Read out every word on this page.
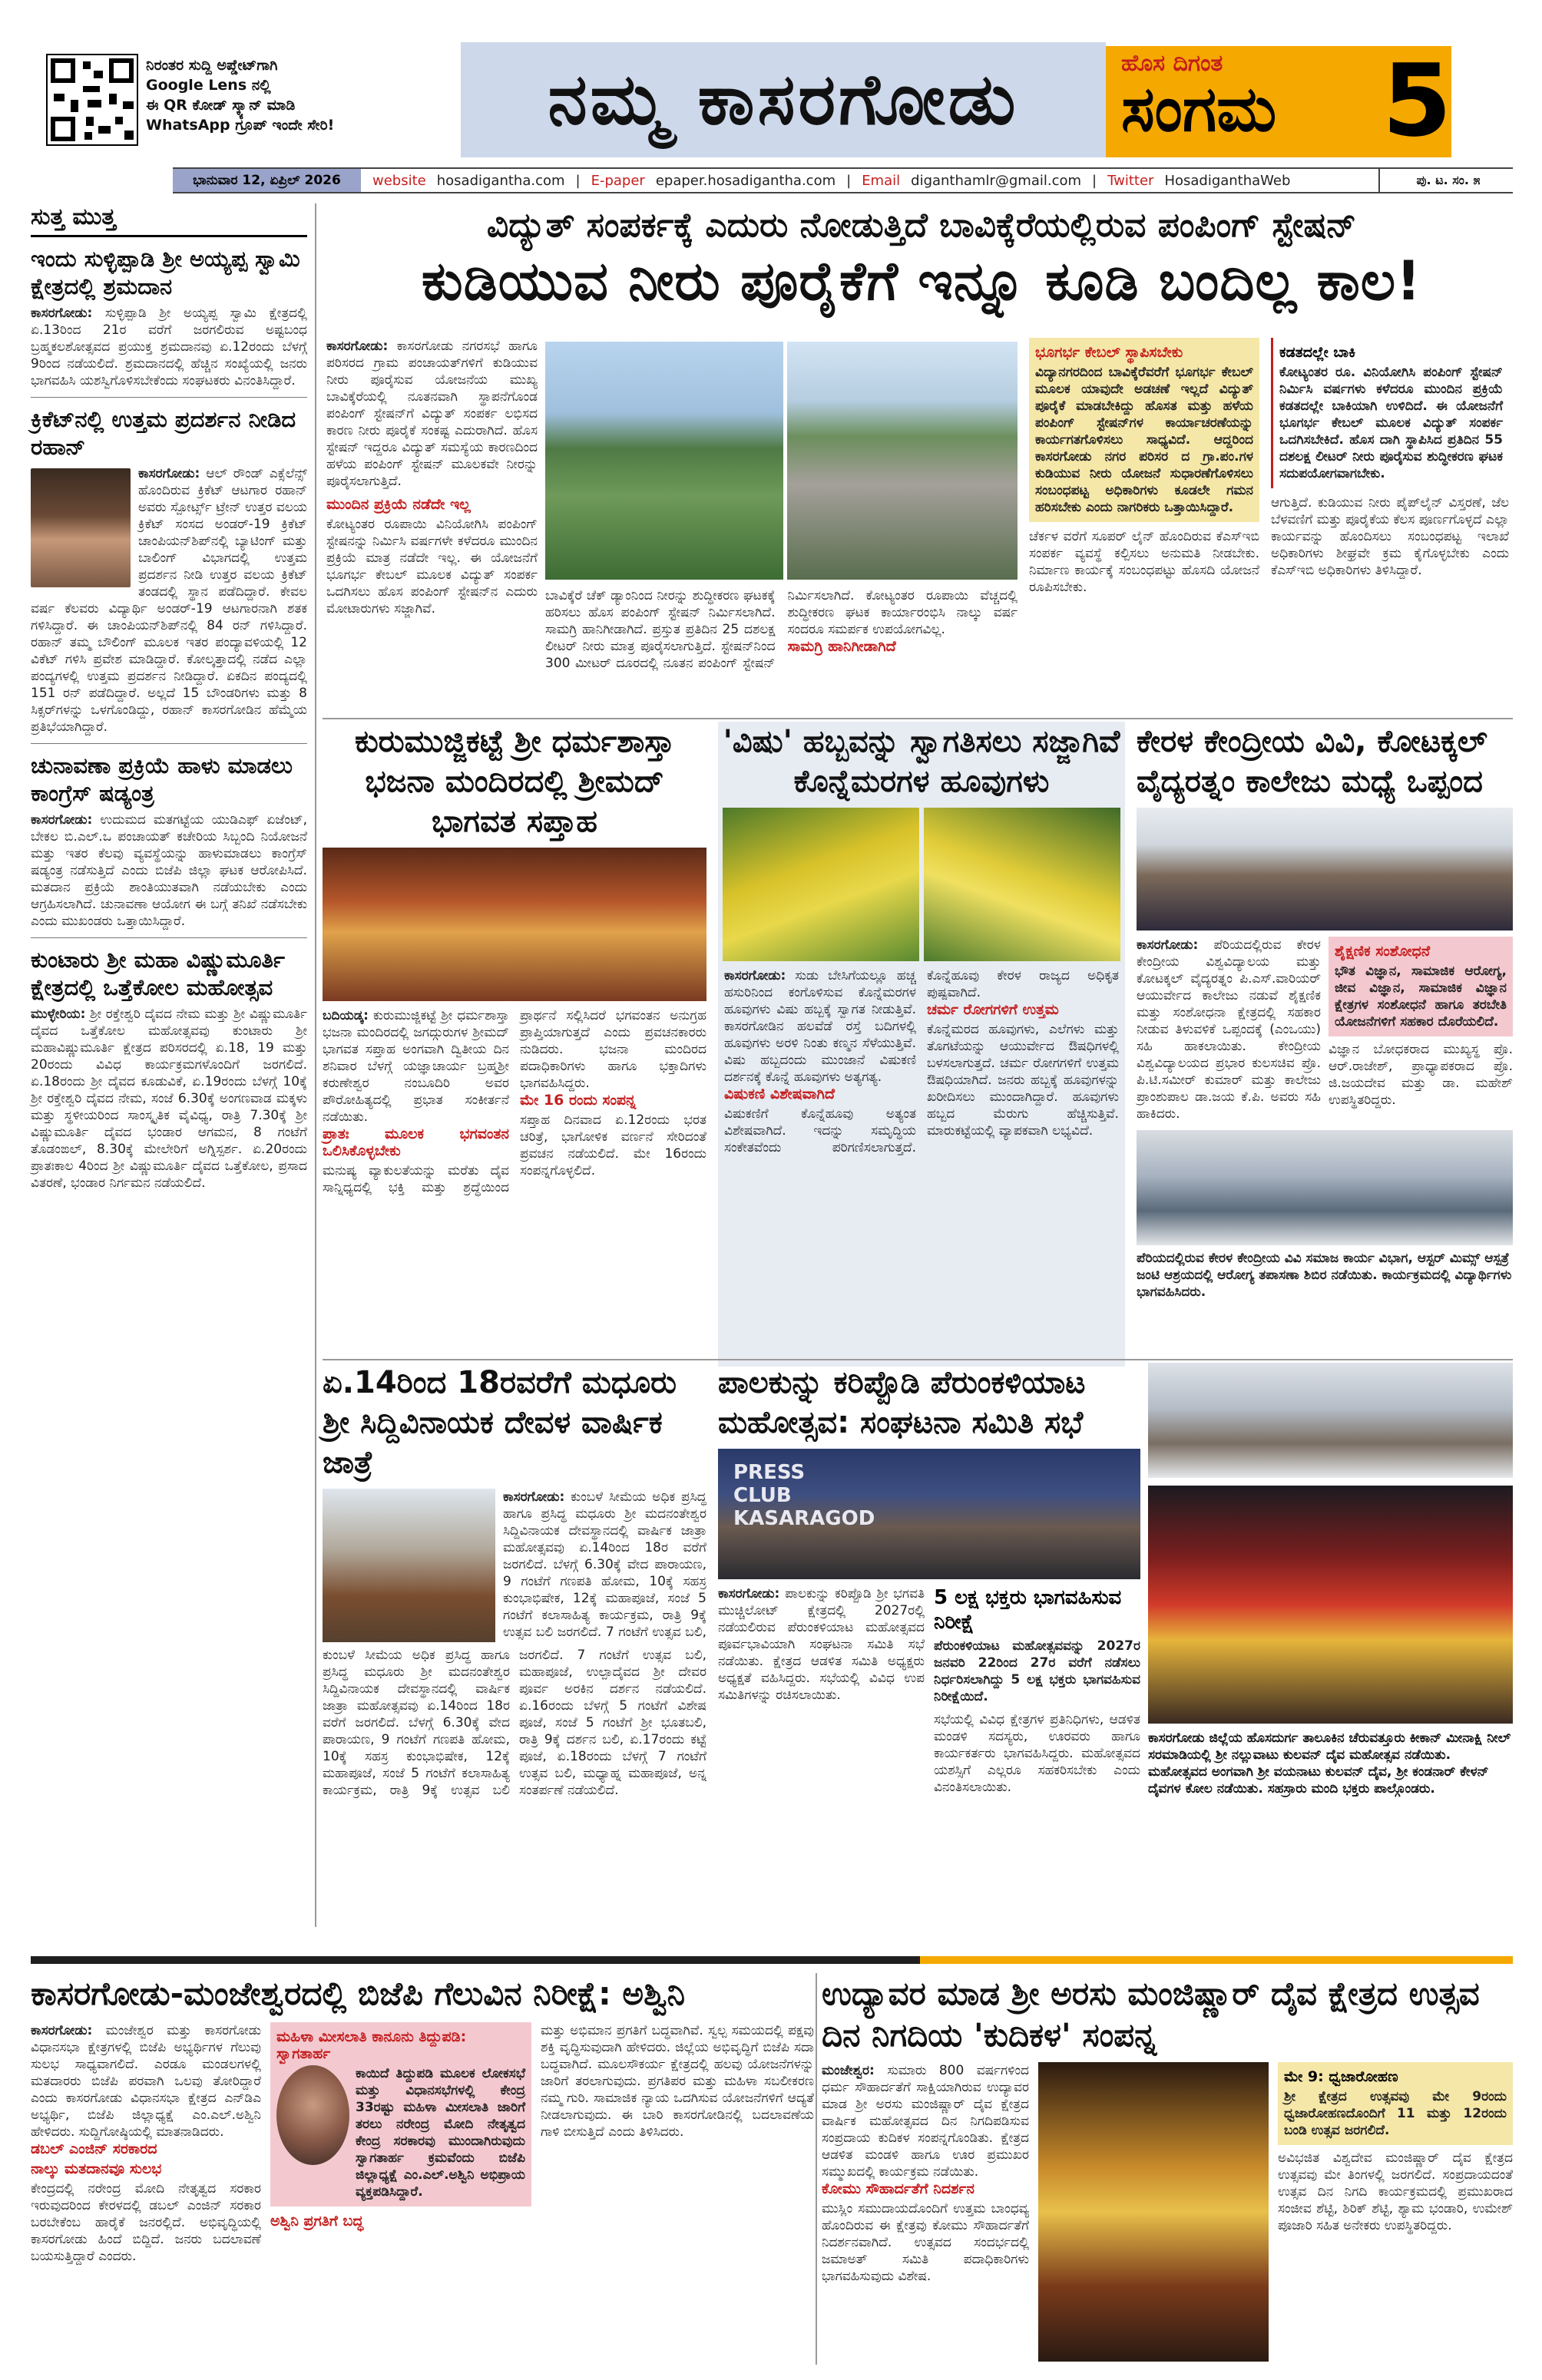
ನಿರಂತರ ಸುದ್ದಿ ಅಪ್ಡೇಟ್‌ಗಾಗಿ
Google Lens ನಲ್ಲಿ
ಈ QR ಕೋಡ್ ಸ್ಕ್ಯಾನ್ ಮಾಡಿ
WhatsApp ಗ್ರೂಪ್ ಇಂದೇ ಸೇರಿ!	ನಮ್ಮ ಕಾಸರಗೋಡು	ಹೊಸ ದಿಗಂತ
ಸಂಗಮ 5
ಭಾನುವಾರ 12, ಏಪ್ರಿಲ್ 2026	website hosadigantha.com | E-paper epaper.hosadigantha.com | Email diganthamlr@gmail.com | Twitter HosadiganthaWeb	ಪು. ಟ. ಸಂ. ೫
ಸುತ್ತ ಮುತ್ತ
ಇಂದು ಸುಳ್ಳಿಪ್ಪಾಡಿ ಶ್ರೀ ಅಯ್ಯಪ್ಪ ಸ್ವಾಮಿ ಕ್ಷೇತ್ರದಲ್ಲಿ ಶ್ರಮದಾನ
ಕಾಸರಗೋಡು: ಸುಳ್ಳಿಪ್ಪಾಡಿ ಶ್ರೀ ಅಯ್ಯಪ್ಪ ಸ್ವಾಮಿ ಕ್ಷೇತ್ರದಲ್ಲಿ ಏ.13ರಿಂದ 21ರ ವರೆಗೆ ಜರಗಲಿರುವ ಅಷ್ಟಬಂಧ ಬ್ರಹ್ಮಕಲಶೋತ್ಸವದ ಪ್ರಯುಕ್ತ ಶ್ರಮದಾನವು ಏ.12ರಂದು ಬೆಳಗ್ಗೆ 9ರಿಂದ ನಡೆಯಲಿದೆ. ಶ್ರಮದಾನದಲ್ಲಿ ಹೆಚ್ಚಿನ ಸಂಖ್ಯೆಯಲ್ಲಿ ಜನರು ಭಾಗವಹಿಸಿ ಯಶಸ್ವಿಗೊಳಿಸಬೇಕೆಂದು ಸಂಘಟಕರು ವಿನಂತಿಸಿದ್ದಾರೆ.
ಕ್ರಿಕೆಟ್‌ನಲ್ಲಿ ಉತ್ತಮ ಪ್ರದರ್ಶನ ನೀಡಿದ ರಹಾನ್
ಕಾಸರಗೋಡು: ಆಲ್ ರೌಂಡ್ ಎಕ್ಸೆಲೆನ್ಸ್ ಹೊಂದಿರುವ ಕ್ರಿಕೆಟ್ ಆಟಗಾರ ರಹಾನ್ ಅವರು ಸ್ಪೋರ್ಟ್ಸ್ ಟ್ರೇನ್ ಉತ್ತರ ವಲಯ ಕ್ರಿಕೆಟ್ ಸಂಸದ ಅಂಡರ್-19 ಕ್ರಿಕೆಟ್ ಚಾಂಪಿಯನ್‌ಶಿಪ್‌ನಲ್ಲಿ ಬ್ಯಾಟಿಂಗ್ ಮತ್ತು ಬಾಲಿಂಗ್ ವಿಭಾಗದಲ್ಲಿ ಉತ್ತಮ ಪ್ರದರ್ಶನ ನೀಡಿ ಉತ್ತರ ವಲಯ ಕ್ರಿಕೆಟ್ ತಂಡದಲ್ಲಿ ಸ್ಥಾನ ಪಡೆದಿದ್ದಾರೆ. ಕೇವಲ ವರ್ಷ ಕೆಲವರು ವಿದ್ಯಾರ್ಥಿ ಅಂಡರ್-19 ಆಟಗಾರನಾಗಿ ಶತಕ ಗಳಿಸಿದ್ದಾರೆ. ಈ ಚಾಂಪಿಯನ್‌ಶಿಪ್‌ನಲ್ಲಿ 84 ರನ್ ಗಳಿಸಿದ್ದಾರೆ. ರಹಾನ್ ತಮ್ಮ ಬೌಲಿಂಗ್ ಮೂಲಕ ಇತರ ಪಂದ್ಯಾವಳಿಯಲ್ಲಿ 12 ವಿಕೆಟ್ ಗಳಿಸಿ ಪ್ರವೇಶ ಮಾಡಿದ್ದಾರೆ. ಕೋಲ್ಕತ್ತಾದಲ್ಲಿ ನಡೆದ ಎಲ್ಲಾ ಪಂದ್ಯಗಳಲ್ಲಿ ಉತ್ತಮ ಪ್ರದರ್ಶನ ನೀಡಿದ್ದಾರೆ. ಏಕದಿನ ಪಂದ್ಯದಲ್ಲಿ 151 ರನ್ ಪಡೆದಿದ್ದಾರೆ. ಅಲ್ಲದೆ 15 ಬೌಂಡರಿಗಳು ಮತ್ತು 8 ಸಿಕ್ಸರ್‌ಗಳನ್ನು ಒಳಗೊಂಡಿದ್ದು, ರಹಾನ್ ಕಾಸರಗೋಡಿನ ಹೆಮ್ಮೆಯ ಪ್ರತಿಭೆಯಾಗಿದ್ದಾರೆ.
ಚುನಾವಣಾ ಪ್ರಕ್ರಿಯೆ ಹಾಳು ಮಾಡಲು ಕಾಂಗ್ರೆಸ್ ಷಡ್ಯಂತ್ರ
ಕಾಸರಗೋಡು: ಉದುಮದ ಮತಗಟ್ಟೆಯ ಯುಡಿಎಫ್ ಏಜೆಂಟ್, ಬೇಕಲ ಬಿ.ಎಲ್.ಒ ಪಂಚಾಯತ್ ಕಚೇರಿಯ ಸಿಬ್ಬಂದಿ ನಿಯೋಜನೆ ಮತ್ತು ಇತರ ಕೆಲವು ವ್ಯವಸ್ಥೆಯನ್ನು ಹಾಳುಮಾಡಲು ಕಾಂಗ್ರೆಸ್ ಷಡ್ಯಂತ್ರ ನಡೆಸುತ್ತಿದೆ ಎಂದು ಬಿಜೆಪಿ ಜಿಲ್ಲಾ ಘಟಕ ಆರೋಪಿಸಿದೆ. ಮತದಾನ ಪ್ರಕ್ರಿಯೆ ಶಾಂತಿಯುತವಾಗಿ ನಡೆಯಬೇಕು ಎಂದು ಆಗ್ರಹಿಸಲಾಗಿದೆ. ಚುನಾವಣಾ ಆಯೋಗ ಈ ಬಗ್ಗೆ ತನಿಖೆ ನಡೆಸಬೇಕು ಎಂದು ಮುಖಂಡರು ಒತ್ತಾಯಿಸಿದ್ದಾರೆ.
ಕುಂಟಾರು ಶ್ರೀ ಮಹಾ ವಿಷ್ಣುಮೂರ್ತಿ ಕ್ಷೇತ್ರದಲ್ಲಿ ಒತ್ತೆಕೋಲ ಮಹೋತ್ಸವ
ಮುಳ್ಳೇರಿಯ: ಶ್ರೀ ರಕ್ತೇಶ್ವರಿ ದೈವದ ನೇಮ ಮತ್ತು ಶ್ರೀ ವಿಷ್ಣುಮೂರ್ತಿ ದೈವದ ಒತ್ತೆಕೋಲ ಮಹೋತ್ಸವವು ಕುಂಟಾರು ಶ್ರೀ ಮಹಾವಿಷ್ಣುಮೂರ್ತಿ ಕ್ಷೇತ್ರದ ಪರಿಸರದಲ್ಲಿ ಏ.18, 19 ಮತ್ತು 20ರಂದು ವಿವಿಧ ಕಾರ್ಯಕ್ರಮಗಳೊಂದಿಗೆ ಜರಗಲಿದೆ. ಏ.18ರಂದು ಶ್ರೀ ದೈವದ ಕೂಡುವಿಕೆ, ಏ.19ರಂದು ಬೆಳಗ್ಗೆ 10ಕ್ಕೆ ಶ್ರೀ ರಕ್ತೇಶ್ವರಿ ದೈವದ ನೇಮ, ಸಂಜೆ 6.30ಕ್ಕೆ ಅಂಗಣವಾಡ ಮಕ್ಕಳು ಮತ್ತು ಸ್ಥಳೀಯರಿಂದ ಸಾಂಸ್ಕೃತಿಕ ವೈವಿಧ್ಯ, ರಾತ್ರಿ 7.30ಕ್ಕೆ ಶ್ರೀ ವಿಷ್ಣುಮೂರ್ತಿ ದೈವದ ಭಂಡಾರ ಆಗಮನ, 8 ಗಂಟೆಗೆ ತೊಡಂಙಲ್, 8.30ಕ್ಕೆ ಮೇಲೇರಿಗೆ ಅಗ್ನಿಸ್ಪರ್ಶ. ಏ.20ರಂದು ಪ್ರಾತಃಕಾಲ 4ರಿಂದ ಶ್ರೀ ವಿಷ್ಣುಮೂರ್ತಿ ದೈವದ ಒತ್ತೆಕೋಲ, ಪ್ರಸಾದ ವಿತರಣೆ, ಭಂಡಾರ ನಿರ್ಗಮನ ನಡೆಯಲಿದೆ.
ವಿದ್ಯುತ್ ಸಂಪರ್ಕಕ್ಕೆ ಎದುರು ನೋಡುತ್ತಿದೆ ಬಾವಿಕ್ಕೆರೆಯಲ್ಲಿರುವ ಪಂಪಿಂಗ್ ಸ್ಟೇಷನ್
ಕುಡಿಯುವ ನೀರು ಪೂರೈಕೆಗೆ ಇನ್ನೂ ಕೂಡಿ ಬಂದಿಲ್ಲ ಕಾಲ!
ಕಾಸರಗೋಡು: ಕಾಸರಗೋಡು ನಗರಸಭೆ ಹಾಗೂ ಪರಿಸರದ ಗ್ರಾಮ ಪಂಚಾಯತ್‌ಗಳಿಗೆ ಕುಡಿಯುವ ನೀರು ಪೂರೈಸುವ ಯೋಜನೆಯ ಮುಖ್ಯ ಬಾವಿಕ್ಕೆರೆಯಲ್ಲಿ ನೂತನವಾಗಿ ಸ್ಥಾಪನೆಗೊಂಡ ಪಂಪಿಂಗ್ ಸ್ಟೇಷನ್‌ಗೆ ವಿದ್ಯುತ್ ಸಂಪರ್ಕ ಲಭಿಸದ ಕಾರಣ ನೀರು ಪೂರೈಕೆ ಸಂಕಷ್ಟ ಎದುರಾಗಿದೆ. ಹೊಸ ಸ್ಟೇಷನ್ ಇದ್ದರೂ ವಿದ್ಯುತ್ ಸಮಸ್ಯೆಯ ಕಾರಣದಿಂದ ಹಳೆಯ ಪಂಪಿಂಗ್ ಸ್ಟೇಷನ್ ಮೂಲಕವೇ ನೀರನ್ನು ಪೂರೈಸಲಾಗುತ್ತಿದೆ.
ಮುಂದಿನ ಪ್ರಕ್ರಿಯೆ ನಡೆದೇ ಇಲ್ಲ
ಕೋಟ್ಯಂತರ ರೂಪಾಯಿ ವಿನಿಯೋಗಿಸಿ ಪಂಪಿಂಗ್ ಸ್ಟೇಷನನ್ನು ನಿರ್ಮಿಸಿ ವರ್ಷಗಳೇ ಕಳೆದರೂ ಮುಂದಿನ ಪ್ರಕ್ರಿಯೆ ಮಾತ್ರ ನಡೆದೇ ಇಲ್ಲ. ಈ ಯೋಜನೆಗೆ ಭೂಗರ್ಭ ಕೇಬಲ್ ಮೂಲಕ ವಿದ್ಯುತ್ ಸಂಪರ್ಕ ಒದಗಿಸಲು ಹೊಸ ಪಂಪಿಂಗ್ ಸ್ಟೇಷನ್‌ನ ಎದುರು ಮೋಟಾರುಗಳು ಸಜ್ಜಾಗಿವೆ.
ಬಾವಿಕ್ಕೆರೆ ಚೆಕ್ ಡ್ಯಾಂನಿಂದ ನೀರನ್ನು ಶುದ್ಧೀಕರಣ ಘಟಕಕ್ಕೆ ಹರಿಸಲು ಹೊಸ ಪಂಪಿಂಗ್ ಸ್ಟೇಷನ್ ನಿರ್ಮಿಸಲಾಗಿದೆ. ಸಾಮಗ್ರಿ ಹಾನಿಗೀಡಾಗಿದೆ. ಪ್ರಸ್ತುತ ಪ್ರತಿದಿನ 25 ದಶಲಕ್ಷ ಲೀಟರ್ ನೀರು ಮಾತ್ರ ಪೂರೈಸಲಾಗುತ್ತಿದೆ. ಸ್ಟೇಷನ್‌ನಿಂದ 300 ಮೀಟರ್ ದೂರದಲ್ಲಿ ನೂತನ ಪಂಪಿಂಗ್ ಸ್ಟೇಷನ್ ನಿರ್ಮಿಸಲಾಗಿದೆ. ಕೋಟ್ಯಂತರ ರೂಪಾಯಿ ವೆಚ್ಚದಲ್ಲಿ ಶುದ್ಧೀಕರಣ ಘಟಕ ಕಾರ್ಯಾರಂಭಿಸಿ ನಾಲ್ಕು ವರ್ಷ ಸಂದರೂ ಸಮರ್ಪಕ ಉಪಯೋಗವಿಲ್ಲ.
ಸಾಮಗ್ರಿ ಹಾನಿಗೀಡಾಗಿದೆ
ಭೂಗರ್ಭ ಕೇಬಲ್ ಸ್ಥಾಪಿಸಬೇಕು
ವಿದ್ಯಾನಗರದಿಂದ ಬಾವಿಕ್ಕೆರೆವರೆಗೆ ಭೂಗರ್ಭ ಕೇಬಲ್ ಮೂಲಕ ಯಾವುದೇ ಅಡಚಣೆ ಇಲ್ಲದೆ ವಿದ್ಯುತ್ ಪೂರೈಕೆ ಮಾಡಬೇಕಿದ್ದು ಹೊಸತ ಮತ್ತು ಹಳೆಯ ಪಂಪಿಂಗ್ ಸ್ಟೇಷನ್‌ಗಳ ಕಾರ್ಯಾಚರಣೆಯನ್ನು ಕಾರ್ಯಗತಗೊಳಿಸಲು ಸಾಧ್ಯವಿದೆ. ಆದ್ದರಿಂದ ಕಾಸರಗೋಡು ನಗರ ಪರಿಸರ ದ ಗ್ರಾ.ಪಂ.ಗಳ ಕುಡಿಯುವ ನೀರು ಯೋಜನೆ ಸುಧಾರಣೆಗೊಳಿಸಲು ಸಂಬಂಧಪಟ್ಟ ಅಧಿಕಾರಿಗಳು ಕೂಡಲೇ ಗಮನ ಹರಿಸಬೇಕು ಎಂದು ನಾಗರಿಕರು ಒತ್ತಾಯಿಸಿದ್ದಾರೆ.
ಚೆರ್ಕಳ ವರೆಗೆ ಸೂಪರ್ ಲೈನ್ ಹೊಂದಿರುವ ಕೆಎಸ್‌ಇಬಿ ಸಂಪರ್ಕ ವ್ಯವಸ್ಥೆ ಕಲ್ಪಿಸಲು ಅನುಮತಿ ನೀಡಬೇಕು. ನಿರ್ಮಾಣ ಕಾರ್ಯಕ್ಕೆ ಸಂಬಂಧಪಟ್ಟು ಹೊಸದಿ ಯೋಜನೆ ರೂಪಿಸಬೇಕು.
ಕಡತದಲ್ಲೇ ಬಾಕಿ
ಕೋಟ್ಯಂತರ ರೂ. ವಿನಿಯೋಗಿಸಿ ಪಂಪಿಂಗ್ ಸ್ಟೇಷನ್ ನಿರ್ಮಿಸಿ ವರ್ಷಗಳು ಕಳೆದರೂ ಮುಂದಿನ ಪ್ರಕ್ರಿಯೆ ಕಡತದಲ್ಲೇ ಬಾಕಿಯಾಗಿ ಉಳಿದಿದೆ. ಈ ಯೋಜನೆಗೆ ಭೂಗರ್ಭ ಕೇಬಲ್ ಮೂಲಕ ವಿದ್ಯುತ್ ಸಂಪರ್ಕ ಒದಗಿಸಬೇಕಿದೆ. ಹೊಸ ದಾಗಿ ಸ್ಥಾಪಿಸಿದ ಪ್ರತಿದಿನ 55 ದಶಲಕ್ಷ ಲೀಟರ್ ನೀರು ಪೂರೈಸುವ ಶುದ್ಧೀಕರಣ ಘಟಕ ಸದುಪಯೋಗವಾಗಬೇಕು.
ಆಗುತ್ತಿದೆ. ಕುಡಿಯುವ ನೀರು ಪೈಪ್‌ಲೈನ್ ವಿಸ್ತರಣೆ, ಜೆಲ ಬೆಳವಣಿಗೆ ಮತ್ತು ಪೂರೈಕೆಯ ಕೆಲಸ ಪೂರ್ಣಗೊಳ್ಳದೆ ಎಲ್ಲಾ ಕಾರ್ಯವನ್ನು ಹೊಂದಿಸಲು ಸಂಬಂಧಪಟ್ಟ ಇಲಾಖೆ ಅಧಿಕಾರಿಗಳು ಶೀಘ್ರವೇ ಕ್ರಮ ಕೈಗೊಳ್ಳಬೇಕು ಎಂದು ಕೆಎಸ್‌ಇಬಿ ಅಧಿಕಾರಿಗಳು ತಿಳಿಸಿದ್ದಾರೆ.
ಕುರುಮುಜ್ಜಿಕಟ್ಟೆ ಶ್ರೀ ಧರ್ಮಶಾಸ್ತಾ ಭಜನಾ ಮಂದಿರದಲ್ಲಿ ಶ್ರೀಮದ್ ಭಾಗವತ ಸಪ್ತಾಹ
ಬದಿಯಡ್ಕ: ಕುರುಮುಜ್ಜಿಕಟ್ಟೆ ಶ್ರೀ ಧರ್ಮಶಾಸ್ತಾ ಭಜನಾ ಮಂದಿರದಲ್ಲಿ ಜಗದ್ಗುರುಗಳ ಶ್ರೀಮದ್ ಭಾಗವತ ಸಪ್ತಾಹ ಅಂಗವಾಗಿ ದ್ವಿತೀಯ ದಿನ ಶನಿವಾರ ಬೆಳಗ್ಗೆ ಯಜ್ಞಾಚಾರ್ಯ ಬ್ರಹ್ಮಶ್ರೀ ಕರುಣೇಶ್ವರ ನಂಬೂದಿರಿ ಅವರ ಪೌರೋಹಿತ್ಯದಲ್ಲಿ ಪ್ರಭಾತ ಸಂಕೀರ್ತನೆ ನಡೆಯಿತು.
ಪ್ರಾತಃ ಮೂಲಕ ಭಗವಂತನ ಒಲಿಸಿಕೊಳ್ಳಬೇಕು
ಮನುಷ್ಯ ವ್ಯಾಕುಲತೆಯನ್ನು ಮರೆತು ದೈವ ಸಾನ್ನಿಧ್ಯದಲ್ಲಿ ಭಕ್ತಿ ಮತ್ತು ಶ್ರದ್ಧೆಯಿಂದ ಪ್ರಾರ್ಥನೆ ಸಲ್ಲಿಸಿದರೆ ಭಗವಂತನ ಅನುಗ್ರಹ ಪ್ರಾಪ್ತಿಯಾಗುತ್ತದೆ ಎಂದು ಪ್ರವಚನಕಾರರು ನುಡಿದರು. ಭಜನಾ ಮಂದಿರದ ಪದಾಧಿಕಾರಿಗಳು ಹಾಗೂ ಭಕ್ತಾದಿಗಳು ಭಾಗವಹಿಸಿದ್ದರು.
ಮೇ 16 ರಂದು ಸಂಪನ್ನ
ಸಪ್ತಾಹ ದಿನವಾದ ಏ.12ರಂದು ಭರತ ಚರಿತ್ರೆ, ಭಾಗೋಳಿಕ ವರ್ಣನೆ ಸೇರಿದಂತೆ ಪ್ರವಚನ ನಡೆಯಲಿದೆ. ಮೇ 16ರಂದು ಸಂಪನ್ನಗೊಳ್ಳಲಿದೆ.
'ವಿಷು' ಹಬ್ಬವನ್ನು ಸ್ವಾಗತಿಸಲು ಸಜ್ಜಾಗಿವೆ ಕೊನ್ನೆಮರಗಳ ಹೂವುಗಳು
ಕಾಸರಗೋಡು: ಸುಡು ಬೇಸಿಗೆಯಲ್ಲೂ ಹಚ್ಚ ಹಸುರಿನಿಂದ ಕಂಗೊಳಿಸುವ ಕೊನ್ನೆಮರಗಳ ಹೂವುಗಳು ವಿಷು ಹಬ್ಬಕ್ಕೆ ಸ್ವಾಗತ ನೀಡುತ್ತಿವೆ. ಕಾಸರಗೋಡಿನ ಹಲವೆಡೆ ರಸ್ತೆ ಬದಿಗಳಲ್ಲಿ ಹೂವುಗಳು ಅರಳಿ ನಿಂತು ಕಣ್ಮನ ಸೆಳೆಯುತ್ತಿವೆ. ವಿಷು ಹಬ್ಬದಂದು ಮುಂಜಾನೆ ವಿಷುಕಣಿ ದರ್ಶನಕ್ಕೆ ಕೊನ್ನೆ ಹೂವುಗಳು ಅತ್ಯಗತ್ಯ.
ವಿಷುಕಣಿ ವಿಶೇಷವಾಗಿದೆ
ವಿಷುಕಣಿಗೆ ಕೊನ್ನೆಹೂವು ಅತ್ಯಂತ ವಿಶೇಷವಾಗಿದೆ. ಇದನ್ನು ಸಮೃದ್ಧಿಯ ಸಂಕೇತವೆಂದು ಪರಿಗಣಿಸಲಾಗುತ್ತದೆ. ಕೊನ್ನೆಹೂವು ಕೇರಳ ರಾಜ್ಯದ ಅಧಿಕೃತ ಪುಷ್ಪವಾಗಿದೆ.
ಚರ್ಮ ರೋಗಗಳಿಗೆ ಉತ್ತಮ
ಕೊನ್ನೆಮರದ ಹೂವುಗಳು, ಎಲೆಗಳು ಮತ್ತು ತೊಗಟೆಯನ್ನು ಆಯುರ್ವೇದ ಔಷಧಿಗಳಲ್ಲಿ ಬಳಸಲಾಗುತ್ತದೆ. ಚರ್ಮ ರೋಗಗಳಿಗೆ ಉತ್ತಮ ಔಷಧಿಯಾಗಿದೆ. ಜನರು ಹಬ್ಬಕ್ಕೆ ಹೂವುಗಳನ್ನು ಖರೀದಿಸಲು ಮುಂದಾಗಿದ್ದಾರೆ. ಹೂವುಗಳು ಹಬ್ಬದ ಮೆರುಗು ಹೆಚ್ಚಿಸುತ್ತಿವೆ. ಮಾರುಕಟ್ಟೆಯಲ್ಲಿ ವ್ಯಾಪಕವಾಗಿ ಲಭ್ಯವಿದೆ.
ಕೇರಳ ಕೇಂದ್ರೀಯ ವಿವಿ, ಕೋಟಕ್ಕಲ್ ವೈದ್ಯರತ್ನಂ ಕಾಲೇಜು ಮಧ್ಯೆ ಒಪ್ಪಂದ
ಕಾಸರಗೋಡು: ಪೆರಿಯದಲ್ಲಿರುವ ಕೇರಳ ಕೇಂದ್ರೀಯ ವಿಶ್ವವಿದ್ಯಾಲಯ ಮತ್ತು ಕೋಟಕ್ಕಲ್ ವೈದ್ಯರತ್ನಂ ಪಿ.ಎಸ್.ವಾರಿಯರ್ ಆಯುರ್ವೇದ ಕಾಲೇಜು ನಡುವೆ ಶೈಕ್ಷಣಿಕ ಮತ್ತು ಸಂಶೋಧನಾ ಕ್ಷೇತ್ರದಲ್ಲಿ ಸಹಕಾರ ನೀಡುವ ತಿಳುವಳಿಕೆ ಒಪ್ಪಂದಕ್ಕೆ (ಎಂಒಯು) ಸಹಿ ಹಾಕಲಾಯಿತು. ಕೇಂದ್ರೀಯ ವಿಶ್ವವಿದ್ಯಾಲಯದ ಪ್ರಭಾರ ಕುಲಸಚಿವ ಪ್ರೊ. ಪಿ.ಟಿ.ಸಮೀರ್ ಕುಮಾರ್ ಮತ್ತು ಕಾಲೇಜು ಪ್ರಾಂಶುಪಾಲ ಡಾ.ಜಯ ಕೆ.ಪಿ. ಅವರು ಸಹಿ ಹಾಕಿದರು.
ಶೈಕ್ಷಣಿಕ ಸಂಶೋಧನೆ
ಭೌತ ವಿಜ್ಞಾನ, ಸಾಮಾಜಿಕ ಆರೋಗ್ಯ, ಜೀವ ವಿಜ್ಞಾನ, ಸಾಮಾಜಿಕ ವಿಜ್ಞಾನ ಕ್ಷೇತ್ರಗಳ ಸಂಶೋಧನೆ ಹಾಗೂ ತರಬೇತಿ ಯೋಜನೆಗಳಿಗೆ ಸಹಕಾರ ದೊರೆಯಲಿದೆ.
ವಿಜ್ಞಾನ ಬೋಧಕರಾದ ಮುಖ್ಯಸ್ಥ ಪ್ರೊ. ಆರ್.ರಾಜೇಶ್, ಪ್ರಾಧ್ಯಾಪಕರಾದ ಪ್ರೊ. ಜಿ.ಜಯದೇವ ಮತ್ತು ಡಾ. ಮಹೇಶ್ ಉಪಸ್ಥಿತರಿದ್ದರು.
ಪೆರಿಯದಲ್ಲಿರುವ ಕೇರಳ ಕೇಂದ್ರೀಯ ವಿವಿ ಸಮಾಜ ಕಾರ್ಯ ವಿಭಾಗ, ಆಸ್ಟರ್ ಮಿಮ್ಸ್ ಆಸ್ಪತ್ರೆ ಜಂಟಿ ಆಶ್ರಯದಲ್ಲಿ ಆರೋಗ್ಯ ತಪಾಸಣಾ ಶಿಬಿರ ನಡೆಯಿತು. ಕಾರ್ಯಕ್ರಮದಲ್ಲಿ ವಿದ್ಯಾರ್ಥಿಗಳು ಭಾಗವಹಿಸಿದರು.
ಏ.14ರಿಂದ 18ರವರೆಗೆ ಮಧೂರು ಶ್ರೀ ಸಿದ್ದಿವಿನಾಯಕ ದೇವಳ ವಾರ್ಷಿಕ ಜಾತ್ರೆ
ಕಾಸರಗೋಡು: ಕುಂಬಳೆ ಸೀಮೆಯ ಅಧಿಕ ಪ್ರಸಿದ್ಧ ಹಾಗೂ ಪ್ರಸಿದ್ಧ ಮಧೂರು ಶ್ರೀ ಮದನಂತೇಶ್ವರ ಸಿದ್ದಿವಿನಾಯಕ ದೇವಸ್ಥಾನದಲ್ಲಿ ವಾರ್ಷಿಕ ಜಾತ್ರಾ ಮಹೋತ್ಸವವು ಏ.14ರಿಂದ 18ರ ವರೆಗೆ ಜರಗಲಿದೆ. ಬೆಳಗ್ಗೆ 6.30ಕ್ಕೆ ವೇದ ಪಾರಾಯಣ, 9 ಗಂಟೆಗೆ ಗಣಪತಿ ಹೋಮ, 10ಕ್ಕೆ ಸಹಸ್ರ ಕುಂಭಾಭಿಷೇಕ, 12ಕ್ಕೆ ಮಹಾಪೂಜೆ, ಸಂಜೆ 5 ಗಂಟೆಗೆ ಕಲಾಸಾಹಿತ್ಯ ಕಾರ್ಯಕ್ರಮ, ರಾತ್ರಿ 9ಕ್ಕೆ ಉತ್ಸವ ಬಲಿ ಜರಗಲಿದೆ. 7 ಗಂಟೆಗೆ ಉತ್ಸವ ಬಲಿ,
ಕುಂಬಳೆ ಸೀಮೆಯ ಅಧಿಕ ಪ್ರಸಿದ್ಧ ಹಾಗೂ ಪ್ರಸಿದ್ಧ ಮಧೂರು ಶ್ರೀ ಮದನಂತೇಶ್ವರ ಸಿದ್ದಿವಿನಾಯಕ ದೇವಸ್ಥಾನದಲ್ಲಿ ವಾರ್ಷಿಕ ಜಾತ್ರಾ ಮಹೋತ್ಸವವು ಏ.14ರಿಂದ 18ರ ವರೆಗೆ ಜರಗಲಿದೆ. ಬೆಳಗ್ಗೆ 6.30ಕ್ಕೆ ವೇದ ಪಾರಾಯಣ, 9 ಗಂಟೆಗೆ ಗಣಪತಿ ಹೋಮ, 10ಕ್ಕೆ ಸಹಸ್ರ ಕುಂಭಾಭಿಷೇಕ, 12ಕ್ಕೆ ಮಹಾಪೂಜೆ, ಸಂಜೆ 5 ಗಂಟೆಗೆ ಕಲಾಸಾಹಿತ್ಯ ಕಾರ್ಯಕ್ರಮ, ರಾತ್ರಿ 9ಕ್ಕೆ ಉತ್ಸವ ಬಲಿ ಜರಗಲಿದೆ. 7 ಗಂಟೆಗೆ ಉತ್ಸವ ಬಲಿ, ಮಹಾಪೂಜೆ, ಉಲ್ಪಾದೈವದ ಶ್ರೀ ದೇವರ ಪೂರ್ವ ಅರಕಿನ ದರ್ಶನ ನಡೆಯಲಿದೆ. ಏ.16ರಂದು ಬೆಳಗ್ಗೆ 5 ಗಂಟೆಗೆ ವಿಶೇಷ ಪೂಜೆ, ಸಂಜೆ 5 ಗಂಟೆಗೆ ಶ್ರೀ ಭೂತಬಲಿ, ರಾತ್ರಿ 9ಕ್ಕೆ ದರ್ಶನ ಬಲಿ, ಏ.17ರಂದು ಕಟ್ಟೆ ಪೂಜೆ, ಏ.18ರಂದು ಬೆಳಗ್ಗೆ 7 ಗಂಟೆಗೆ ಉತ್ಸವ ಬಲಿ, ಮಧ್ಯಾಹ್ನ ಮಹಾಪೂಜೆ, ಅನ್ನ ಸಂತರ್ಪಣೆ ನಡೆಯಲಿದೆ.
ಪಾಲಕುನ್ನು ಕರಿಪ್ಪೊಡಿ ಪೆರುಂಕಳಿಯಾಟ ಮಹೋತ್ಸವ: ಸಂಘಟನಾ ಸಮಿತಿ ಸಭೆ
PRESS CLUB KASARAGOD
ಕಾಸರಗೋಡು: ಪಾಲಕುನ್ನು ಕರಿಪ್ಪೊಡಿ ಶ್ರೀ ಭಗವತಿ ಮುಚ್ಚಿಲೋಟ್ ಕ್ಷೇತ್ರದಲ್ಲಿ 2027ರಲ್ಲಿ ನಡೆಯಲಿರುವ ಪೆರುಂಕಳಿಯಾಟ ಮಹೋತ್ಸವದ ಪೂರ್ವಭಾವಿಯಾಗಿ ಸಂಘಟನಾ ಸಮಿತಿ ಸಭೆ ನಡೆಯಿತು. ಕ್ಷೇತ್ರದ ಆಡಳಿತ ಸಮಿತಿ ಅಧ್ಯಕ್ಷರು ಅಧ್ಯಕ್ಷತೆ ವಹಿಸಿದ್ದರು. ಸಭೆಯಲ್ಲಿ ವಿವಿಧ ಉಪ ಸಮಿತಿಗಳನ್ನು ರಚಿಸಲಾಯಿತು.
5 ಲಕ್ಷ ಭಕ್ತರು ಭಾಗವಹಿಸುವ ನಿರೀಕ್ಷೆ
ಪೆರುಂಕಳಿಯಾಟ ಮಹೋತ್ಸವವನ್ನು 2027ರ ಜನವರಿ 22ರಿಂದ 27ರ ವರೆಗೆ ನಡೆಸಲು ನಿರ್ಧರಿಸಲಾಗಿದ್ದು 5 ಲಕ್ಷ ಭಕ್ತರು ಭಾಗವಹಿಸುವ ನಿರೀಕ್ಷೆಯಿದೆ.
ಸಭೆಯಲ್ಲಿ ವಿವಿಧ ಕ್ಷೇತ್ರಗಳ ಪ್ರತಿನಿಧಿಗಳು, ಆಡಳಿತ ಮಂಡಳಿ ಸದಸ್ಯರು, ಊರವರು ಹಾಗೂ ಕಾರ್ಯಕರ್ತರು ಭಾಗವಹಿಸಿದ್ದರು. ಮಹೋತ್ಸವದ ಯಶಸ್ಸಿಗೆ ಎಲ್ಲರೂ ಸಹಕರಿಸಬೇಕು ಎಂದು ವಿನಂತಿಸಲಾಯಿತು.
ಕಾಸರಗೋಡು ಜಿಲ್ಲೆಯ ಹೊಸದುರ್ಗ ತಾಲೂಕಿನ ಚೆರುವತ್ತೂರು ಕೀಕಾನ್ ಮೀನಾಕ್ಷಿ ನೀಲ್ ಸರಮಾಡಿಯಲ್ಲಿ ಶ್ರೀ ನಲ್ಲುವಾಟು ಕುಲವನ್ ದೈವ ಮಹೋತ್ಸವ ನಡೆಯಿತು. ಮಹೋತ್ಸವದ ಅಂಗವಾಗಿ ಶ್ರೀ ವಯನಾಟು ಕುಲವನ್ ದೈವ, ಶ್ರೀ ಕಂಡನಾರ್ ಕೇಳನ್ ದೈವಗಳ ಕೋಲ ನಡೆಯಿತು. ಸಹಸ್ರಾರು ಮಂದಿ ಭಕ್ತರು ಪಾಲ್ಗೊಂಡರು.
ಕಾಸರಗೋಡು-ಮಂಜೇಶ್ವರದಲ್ಲಿ ಬಿಜೆಪಿ ಗೆಲುವಿನ ನಿರೀಕ್ಷೆ: ಅಶ್ವಿನಿ
ಕಾಸರಗೋಡು: ಮಂಜೇಶ್ವರ ಮತ್ತು ಕಾಸರಗೋಡು ವಿಧಾನಸಭಾ ಕ್ಷೇತ್ರಗಳಲ್ಲಿ ಬಿಜೆಪಿ ಅಭ್ಯರ್ಥಿಗಳ ಗೆಲುವು ಸುಲಭ ಸಾಧ್ಯವಾಗಲಿದೆ. ಎರಡೂ ಮಂಡಲಗಳಲ್ಲಿ ಮತದಾರರು ಬಿಜೆಪಿ ಪರವಾಗಿ ಒಲವು ತೋರಿದ್ದಾರೆ ಎಂದು ಕಾಸರಗೋಡು ವಿಧಾನಸಭಾ ಕ್ಷೇತ್ರದ ಎನ್‌ಡಿಎ ಅಭ್ಯರ್ಥಿ, ಬಿಜೆಪಿ ಜಿಲ್ಲಾಧ್ಯಕ್ಷೆ ಎಂ.ಎಲ್.ಅಶ್ವಿನಿ ಹೇಳಿದರು. ಸುದ್ದಿಗೋಷ್ಠಿಯಲ್ಲಿ ಮಾತನಾಡಿದರು.
ಡಬಲ್ ಎಂಜಿನ್ ಸರಕಾರದ
ನಾಲ್ಕು ಮತದಾನವೂ ಸುಲಭ
ಕೇಂದ್ರದಲ್ಲಿ ನರೇಂದ್ರ ಮೋದಿ ನೇತೃತ್ವದ ಸರಕಾರ ಇರುವುದರಿಂದ ಕೇರಳದಲ್ಲಿ ಡಬಲ್ ಎಂಜಿನ್ ಸರಕಾರ ಬರಬೇಕೆಂಬ ಹಾರೈಕೆ ಜನರಲ್ಲಿದೆ. ಅಭಿವೃದ್ಧಿಯಲ್ಲಿ ಕಾಸರಗೋಡು ಹಿಂದೆ ಬಿದ್ದಿದೆ. ಜನರು ಬದಲಾವಣೆ ಬಯಸುತ್ತಿದ್ದಾರೆ ಎಂದರು.
ಮಹಿಳಾ ಮೀಸಲಾತಿ ಕಾನೂನು ತಿದ್ದುಪಡಿ: ಸ್ವಾಗತಾರ್ಹ
ಕಾಯಿದೆ ತಿದ್ದುಪಡಿ ಮೂಲಕ ಲೋಕಸಭೆ ಮತ್ತು ವಿಧಾನಸಭೆಗಳಲ್ಲಿ ಕೇಂದ್ರ 33ರಷ್ಟು ಮಹಿಳಾ ಮೀಸಲಾತಿ ಜಾರಿಗೆ ತರಲು ನರೇಂದ್ರ ಮೋದಿ ನೇತೃತ್ವದ ಕೇಂದ್ರ ಸರಕಾರವು ಮುಂದಾಗಿರುವುದು ಸ್ವಾಗತಾರ್ಹ ಕ್ರಮವೆಂದು ಬಿಜೆಪಿ ಜಿಲ್ಲಾಧ್ಯಕ್ಷೆ ಎಂ.ಎಲ್.ಅಶ್ವಿನಿ ಅಭಿಪ್ರಾಯ ವ್ಯಕ್ತಪಡಿಸಿದ್ದಾರೆ.
ಅಶ್ವಿನಿ ಪ್ರಗತಿಗೆ ಬದ್ಧ
ಮತ್ತು ಅಭಿಮಾನ ಪ್ರಗತಿಗೆ ಬದ್ಧವಾಗಿವೆ. ಸ್ವಲ್ಪ ಸಮಯದಲ್ಲಿ ಪಕ್ಷವು ಶಕ್ತಿ ವೃದ್ಧಿಸುವುದಾಗಿ ಹೇಳಿದರು. ಜಿಲ್ಲೆಯ ಅಭಿವೃದ್ಧಿಗೆ ಬಿಜೆಪಿ ಸದಾ ಬದ್ಧವಾಗಿದೆ. ಮೂಲಸೌಕರ್ಯ ಕ್ಷೇತ್ರದಲ್ಲಿ ಹಲವು ಯೋಜನೆಗಳನ್ನು ಜಾರಿಗೆ ತರಲಾಗುವುದು. ಪ್ರಗತಿಪರ ಮತ್ತು ಮಹಿಳಾ ಸಬಲೀಕರಣ ನಮ್ಮ ಗುರಿ. ಸಾಮಾಜಿಕ ನ್ಯಾಯ ಒದಗಿಸುವ ಯೋಜನೆಗಳಿಗೆ ಆದ್ಯತೆ ನೀಡಲಾಗುವುದು. ಈ ಬಾರಿ ಕಾಸರಗೋಡಿನಲ್ಲಿ ಬದಲಾವಣೆಯ ಗಾಳಿ ಬೀಸುತ್ತಿದೆ ಎಂದು ತಿಳಿಸಿದರು.
ಉದ್ಯಾವರ ಮಾಡ ಶ್ರೀ ಅರಸು ಮಂಜಿಷ್ಣಾರ್ ದೈವ ಕ್ಷೇತ್ರದ ಉತ್ಸವ ದಿನ ನಿಗದಿಯ 'ಕುದಿಕಳ' ಸಂಪನ್ನ
ಮಂಜೇಶ್ವರ: ಸುಮಾರು 800 ವರ್ಷಗಳಿಂದ ಧರ್ಮ ಸೌಹಾರ್ದತೆಗೆ ಸಾಕ್ಷಿಯಾಗಿರುವ ಉದ್ಯಾವರ ಮಾಡ ಶ್ರೀ ಅರಸು ಮಂಜಿಷ್ಣಾರ್ ದೈವ ಕ್ಷೇತ್ರದ ವಾರ್ಷಿಕ ಮಹೋತ್ಸವದ ದಿನ ನಿಗದಿಪಡಿಸುವ ಸಂಪ್ರದಾಯ ಕುದಿಕಳ ಸಂಪನ್ನಗೊಂಡಿತು. ಕ್ಷೇತ್ರದ ಆಡಳಿತ ಮಂಡಳಿ ಹಾಗೂ ಊರ ಪ್ರಮುಖರ ಸಮ್ಮುಖದಲ್ಲಿ ಕಾರ್ಯಕ್ರಮ ನಡೆಯಿತು.
ಕೋಮು ಸೌಹಾರ್ದತೆಗೆ ನಿದರ್ಶನ
ಮುಸ್ಲಿಂ ಸಮುದಾಯದೊಂದಿಗೆ ಉತ್ತಮ ಬಾಂಧವ್ಯ ಹೊಂದಿರುವ ಈ ಕ್ಷೇತ್ರವು ಕೋಮು ಸೌಹಾರ್ದತೆಗೆ ನಿದರ್ಶನವಾಗಿದೆ. ಉತ್ಸವದ ಸಂದರ್ಭದಲ್ಲಿ ಜಮಾಅತ್ ಸಮಿತಿ ಪದಾಧಿಕಾರಿಗಳು ಭಾಗವಹಿಸುವುದು ವಿಶೇಷ.
ಮೇ 9: ಧ್ವಜಾರೋಹಣ
ಶ್ರೀ ಕ್ಷೇತ್ರದ ಉತ್ಸವವು ಮೇ 9ರಂದು ಧ್ವಜಾರೋಹಣದೊಂದಿಗೆ 11 ಮತ್ತು 12ರಂದು ಬಂಡಿ ಉತ್ಸವ ಜರಗಲಿದೆ.
ಅವಿಭಜಿತ ವಿಶ್ವದೇವ ಮಂಜಿಷ್ಣಾರ್ ದೈವ ಕ್ಷೇತ್ರದ ಉತ್ಸವವು ಮೇ ತಿಂಗಳಲ್ಲಿ ಜರಗಲಿದೆ. ಸಂಪ್ರದಾಯದಂತೆ ಉತ್ಸವ ದಿನ ನಿಗದಿ ಕಾರ್ಯಕ್ರಮದಲ್ಲಿ ಪ್ರಮುಖರಾದ ಸಂಜೀವ ಶೆಟ್ಟಿ, ಶಿರಿಕ್ ಶೆಟ್ಟಿ, ಶ್ಯಾಮ ಭಂಡಾರಿ, ಉಮೇಶ್ ಪೂಜಾರಿ ಸಹಿತ ಅನೇಕರು ಉಪಸ್ಥಿತರಿದ್ದರು.
